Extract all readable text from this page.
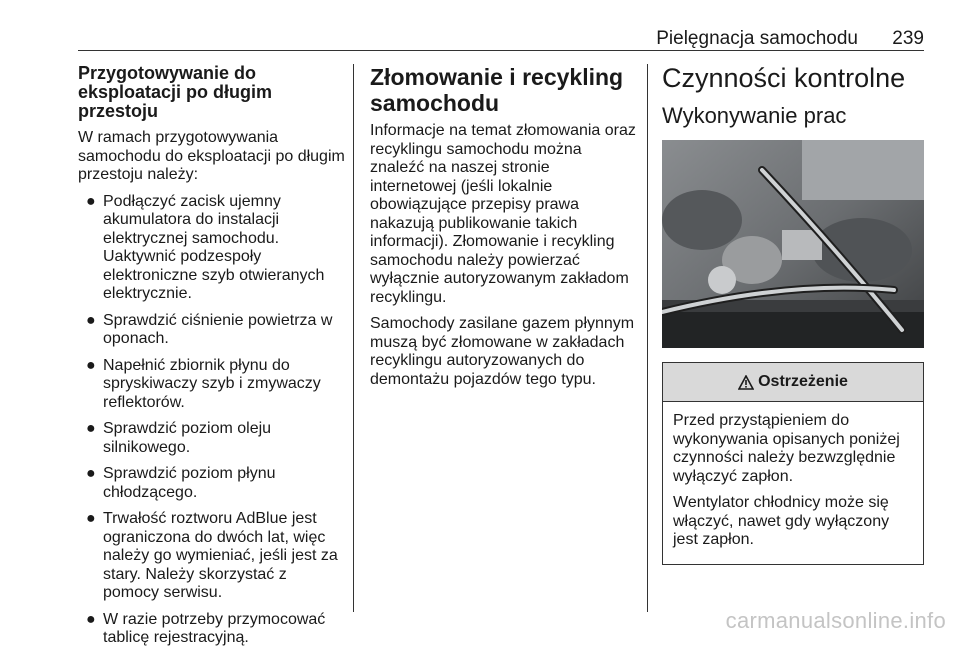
Pielęgnacja samochodu 239
Przygotowywanie do eksploatacji po długim przestoju

W ramach przygotowywania samochodu do eksploatacji po długim przestoju należy:

● Podłączyć zacisk ujemny akumulatora do instalacji elektrycznej samochodu. Uaktywnić podzespoły elektroniczne szyb otwieranych elektrycznie.
● Sprawdzić ciśnienie powietrza w oponach.
● Napełnić zbiornik płynu do spryskiwaczy szyb i zmywaczy reflektorów.
● Sprawdzić poziom oleju silnikowego.
● Sprawdzić poziom płynu chłodzącego.
● Trwałość roztworu AdBlue jest ograniczona do dwóch lat, więc należy go wymieniać, jeśli jest za stary. Należy skorzystać z pomocy serwisu.
● W razie potrzeby przymocować tablicę rejestracyjną.
Złomowanie i recykling samochodu

Informacje na temat złomowania oraz recyklingu samochodu można znaleźć na naszej stronie internetowej (jeśli lokalnie obowiązujące przepisy prawa nakazują publikowanie takich informacji). Złomowanie i recykling samochodu należy powierzać wyłącznie autoryzowanym zakładom recyklingu.

Samochody zasilane gazem płynnym muszą być złomowane w zakładach recyklingu autoryzowanych do demontażu pojazdów tego typu.

Czynności kontrolne
Wykonywanie prac
Ostrzeżenie

Przed przystąpieniem do wykonywania opisanych poniżej czynności należy bezwzględnie wyłączyć zapłon.

Wentylator chłodnicy może się włączyć, nawet gdy wyłączony jest zapłon.

carmanualsonline.info
